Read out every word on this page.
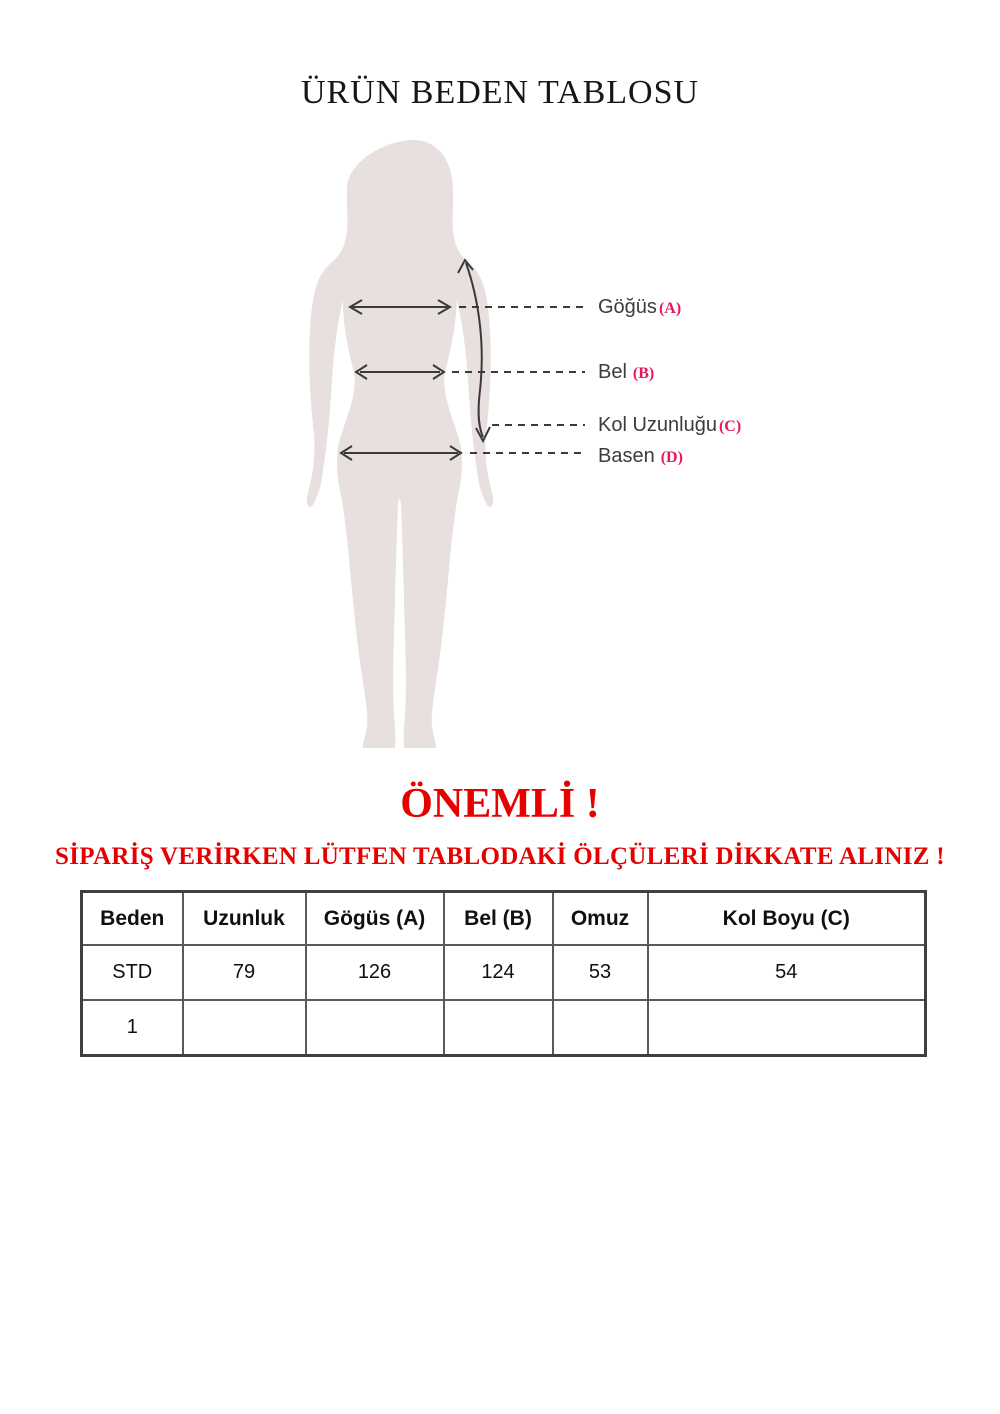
ÜRÜN BEDEN TABLOSU
Göğüs (A)
Bel (B)
Kol Uzunluğu (C)
Basen (D)
ÖNEMLİ !
SİPARİŞ VERİRKEN LÜTFEN TABLODAKİ ÖLÇÜLERİ DİKKATE ALINIZ !
Beden	Uzunluk	Gögüs (A)	Bel (B)	Omuz	Kol Boyu (C)
STD	79	126	124	53	54
1					
